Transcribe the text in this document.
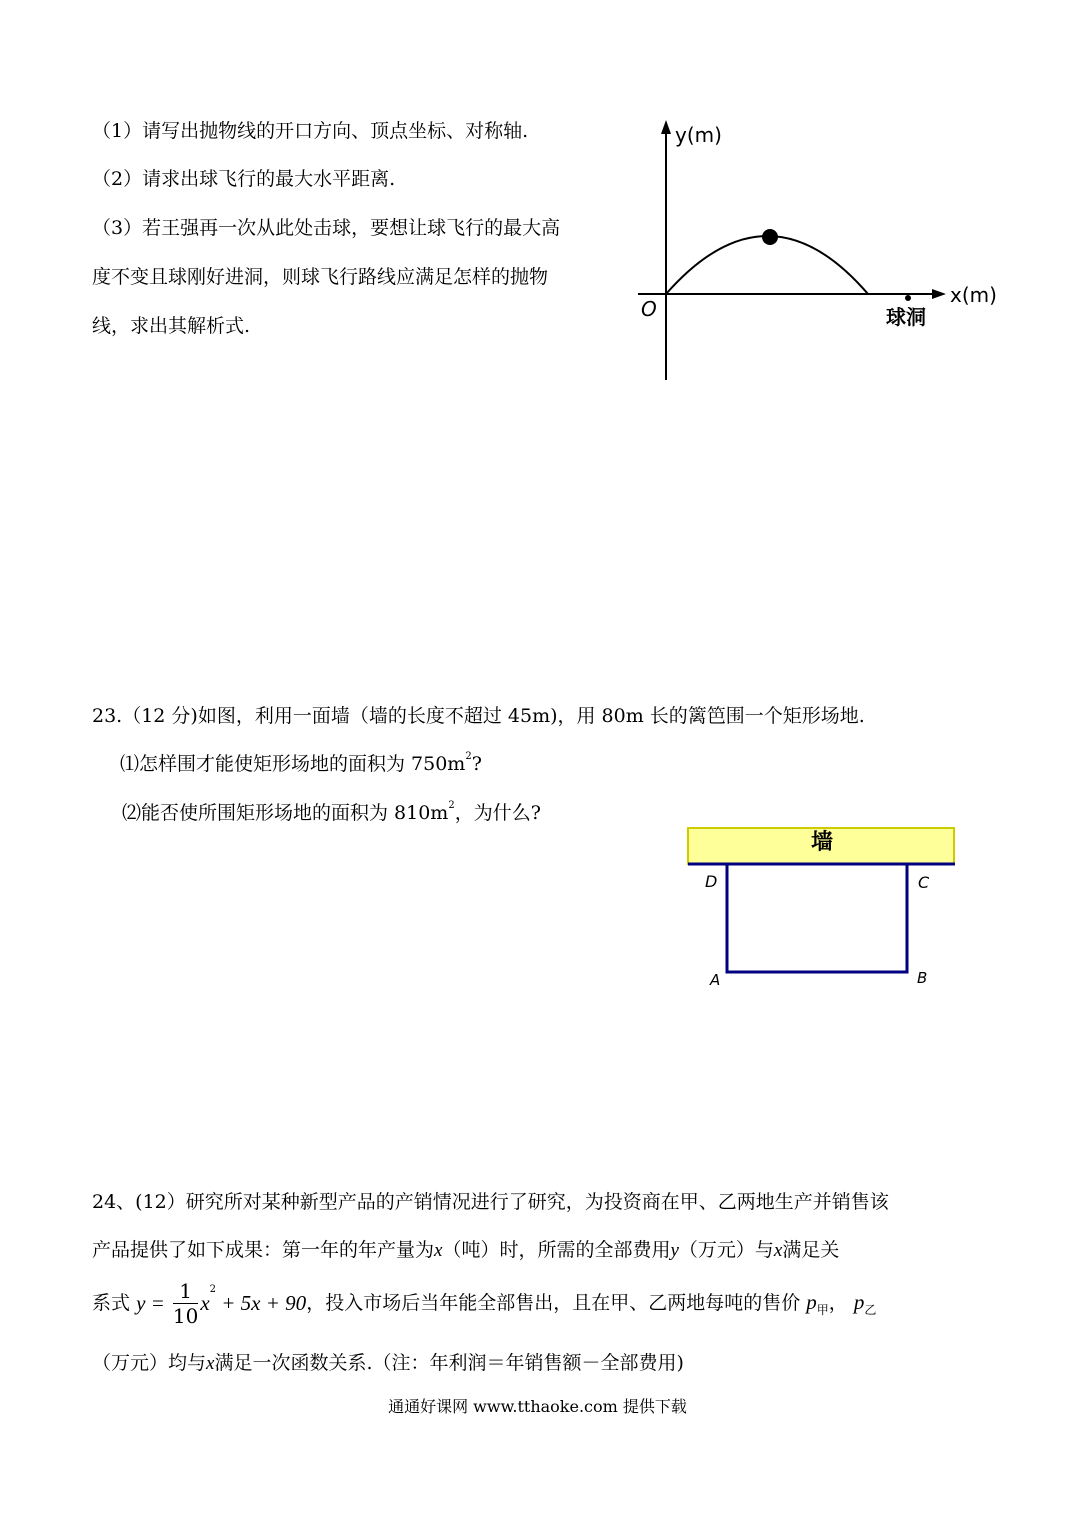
（1）请写出抛物线的开口方向、顶点坐标、对称轴.
（2）请求出球飞行的最大水平距离.
（3）若王强再一次从此处击球，要想让球飞行的最大高
度不变且球刚好进洞，则球飞行路线应满足怎样的抛物
线，求出其解析式.
y(m)
x(m)
O	球洞
23.（12 分)如图，利用一面墙（墙的长度不超过 45m)，用 80m 长的篱笆围一个矩形场地.
⑴怎样围才能使矩形场地的面积为 $750m^2$?
⑵能否使所围矩形场地的面积为 $810m^2$，为什么?
墙
D	C
A	B
24、(12）研究所对某种新型产品的产销情况进行了研究，为投资商在甲、乙两地生产并销售该
产品提供了如下成果：第一年的年产量为x（吨）时，所需的全部费用y（万元）与x满足关
系式 $y = \frac{1}{10} x^2 + 5x + 90$，投入市场后当年能全部售出，且在甲、乙两地每吨的售价 $p_甲$， $p_乙$
（万元）均与x满足一次函数关系.（注：年利润＝年销售额－全部费用)
通通好课网 www.tthaoke.com 提供下载
